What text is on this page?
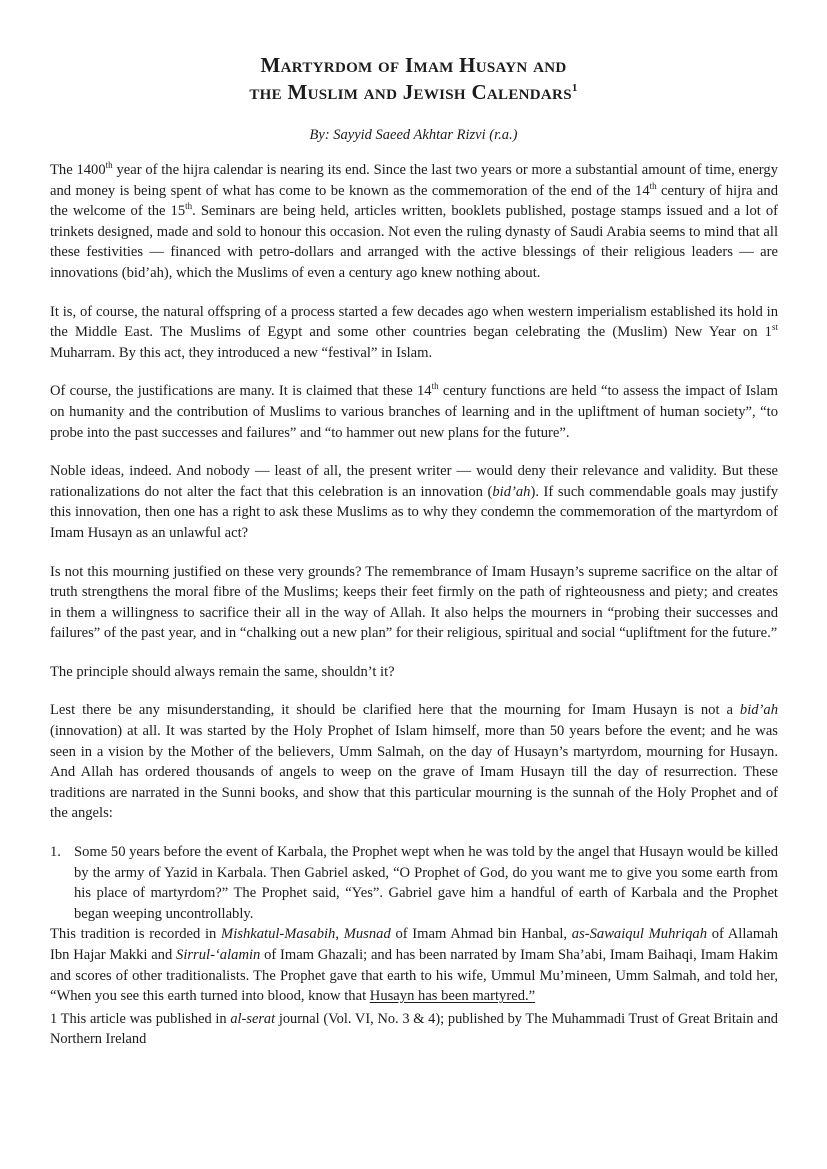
Martyrdom of Imam Husayn and
the Muslim and Jewish Calendars$^1$
By: Sayyid Saeed Akhtar Rizvi (r.a.)

The 1400th year of the hijra calendar is nearing its end. Since the last two years or more a substantial amount of time, energy and money is being spent of what has come to be known as the commemoration of the end of the 14th century of hijra and the welcome of the 15th. Seminars are being held, articles written, booklets published, postage stamps issued and a lot of trinkets designed, made and sold to honour this occasion. Not even the ruling dynasty of Saudi Arabia seems to mind that all these festivities — financed with petro-dollars and arranged with the active blessings of their religious leaders — are innovations (bid’ah), which the Muslims of even a century ago knew nothing about.

It is, of course, the natural offspring of a process started a few decades ago when western imperialism established its hold in the Middle East. The Muslims of Egypt and some other countries began celebrating the (Muslim) New Year on 1st Muharram. By this act, they introduced a new “festival” in Islam.

Of course, the justifications are many. It is claimed that these 14th century functions are held “to assess the impact of Islam on humanity and the contribution of Muslims to various branches of learning and in the upliftment of human society”, “to probe into the past successes and failures” and “to hammer out new plans for the future”.

Noble ideas, indeed. And nobody — least of all, the present writer — would deny their relevance and validity. But these rationalizations do not alter the fact that this celebration is an innovation (bid’ah). If such commendable goals may justify this innovation, then one has a right to ask these Muslims as to why they condemn the commemoration of the martyrdom of Imam Husayn as an unlawful act?

Is not this mourning justified on these very grounds? The remembrance of Imam Husayn’s supreme sacrifice on the altar of truth strengthens the moral fibre of the Muslims; keeps their feet firmly on the path of righteousness and piety; and creates in them a willingness to sacrifice their all in the way of Allah. It also helps the mourners in “probing their successes and failures” of the past year, and in “chalking out a new plan” for their religious, spiritual and social “upliftment for the future.”

The principle should always remain the same, shouldn’t it?

Lest there be any misunderstanding, it should be clarified here that the mourning for Imam Husayn is not a bid’ah (innovation) at all. It was started by the Holy Prophet of Islam himself, more than 50 years before the event; and he was seen in a vision by the Mother of the believers, Umm Salmah, on the day of Husayn’s martyrdom, mourning for Husayn. And Allah has ordered thousands of angels to weep on the grave of Imam Husayn till the day of resurrection. These traditions are narrated in the Sunni books, and show that this particular mourning is the sunnah of the Holy Prophet and of the angels:

1. Some 50 years before the event of Karbala, the Prophet wept when he was told by the angel that Husayn would be killed by the army of Yazid in Karbala. Then Gabriel asked, “O Prophet of God, do you want me to give you some earth from his place of martyrdom?” The Prophet said, “Yes”. Gabriel gave him a handful of earth of Karbala and the Prophet began weeping uncontrollably.
This tradition is recorded in Mishkatul-Masabih, Musnad of Imam Ahmad bin Hanbal, as-Sawaiqul Muhriqah of Allamah Ibn Hajar Makki and Sirrul-‘alamin of Imam Ghazali; and has been narrated by Imam Sha’abi, Imam Baihaqi, Imam Hakim and scores of other traditionalists. The Prophet gave that earth to his wife, Ummul Mu’mineen, Umm Salmah, and told her, “When you see this earth turned into blood, know that Husayn has been martyred.”
1 This article was published in al-serat journal (Vol. VI, No. 3 & 4); published by The Muhammadi Trust of Great Britain and Northern Ireland
